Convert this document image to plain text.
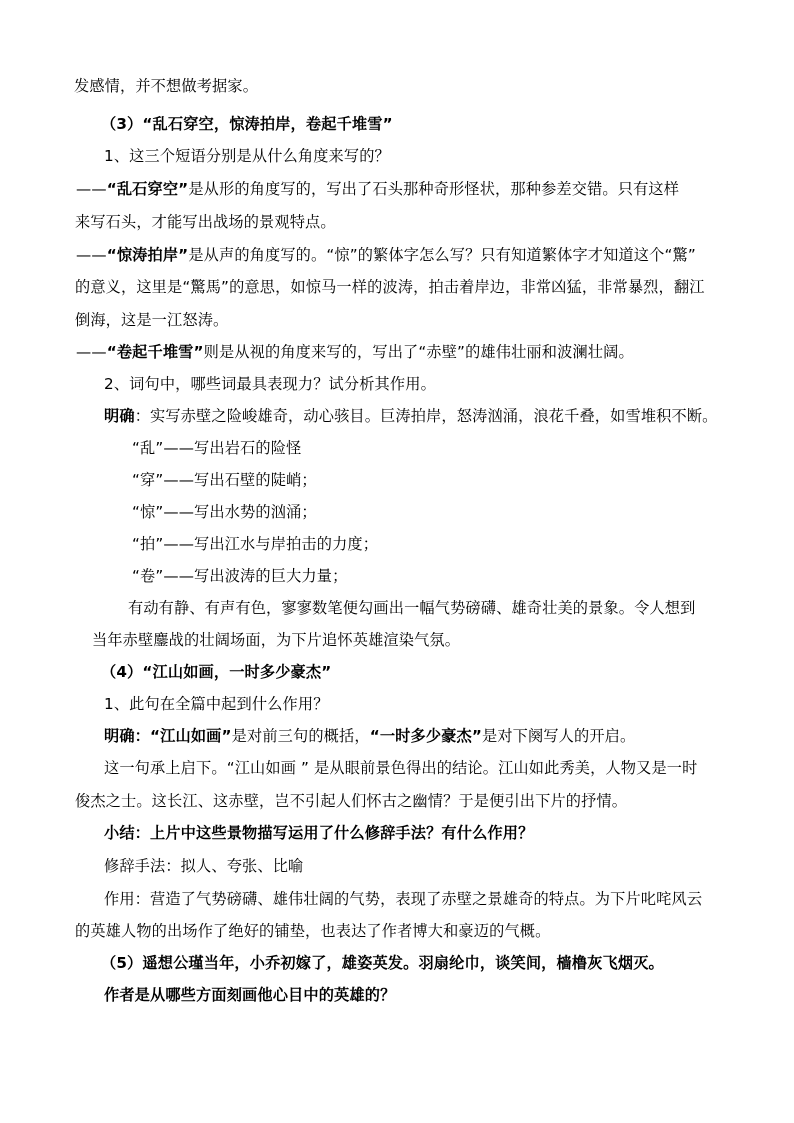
发感情，并不想做考据家。
（3）“乱石穿空，惊涛拍岸，卷起千堆雪”
1、这三个短语分别是从什么角度来写的？
——“乱石穿空”是从形的角度写的，写出了石头那种奇形怪状，那种参差交错。只有这样
来写石头，才能写出战场的景观特点。
——“惊涛拍岸”是从声的角度写的。“惊”的繁体字怎么写？只有知道繁体字才知道这个“驚”
的意义，这里是“驚馬”的意思，如惊马一样的波涛，拍击着岸边，非常凶猛，非常暴烈，翻江
倒海，这是一江怒涛。
——“卷起千堆雪”则是从视的角度来写的，写出了“赤壁”的雄伟壮丽和波澜壮阔。
2、词句中，哪些词最具表现力？试分析其作用。
明确：实写赤壁之险峻雄奇，动心骇目。巨涛拍岸，怒涛汹涌，浪花千叠，如雪堆积不断。
“乱”——写出岩石的险怪
“穿”——写出石壁的陡峭；
“惊”——写出水势的汹涌；
“拍”——写出江水与岸拍击的力度；
“卷”——写出波涛的巨大力量；
有动有静、有声有色，寥寥数笔便勾画出一幅气势磅礴、雄奇壮美的景象。令人想到
当年赤壁鏖战的壮阔场面，为下片追怀英雄渲染气氛。
（4）“江山如画，一时多少豪杰”
1、此句在全篇中起到什么作用？
明确：“江山如画”是对前三句的概括，“一时多少豪杰”是对下阕写人的开启。
这一句承上启下。“江山如画 ” 是从眼前景色得出的结论。江山如此秀美，人物又是一时
俊杰之士。这长江、这赤壁，岂不引起人们怀古之幽情？于是便引出下片的抒情。
小结：上片中这些景物描写运用了什么修辞手法？有什么作用？
修辞手法：拟人、夸张、比喻
作用：营造了气势磅礴、雄伟壮阔的气势，表现了赤壁之景雄奇的特点。为下片叱咤风云
的英雄人物的出场作了绝好的铺垫，也表达了作者博大和豪迈的气概。
（5）遥想公瑾当年，小乔初嫁了，雄姿英发。羽扇纶巾，谈笑间，樯橹灰飞烟灭。
作者是从哪些方面刻画他心目中的英雄的？
